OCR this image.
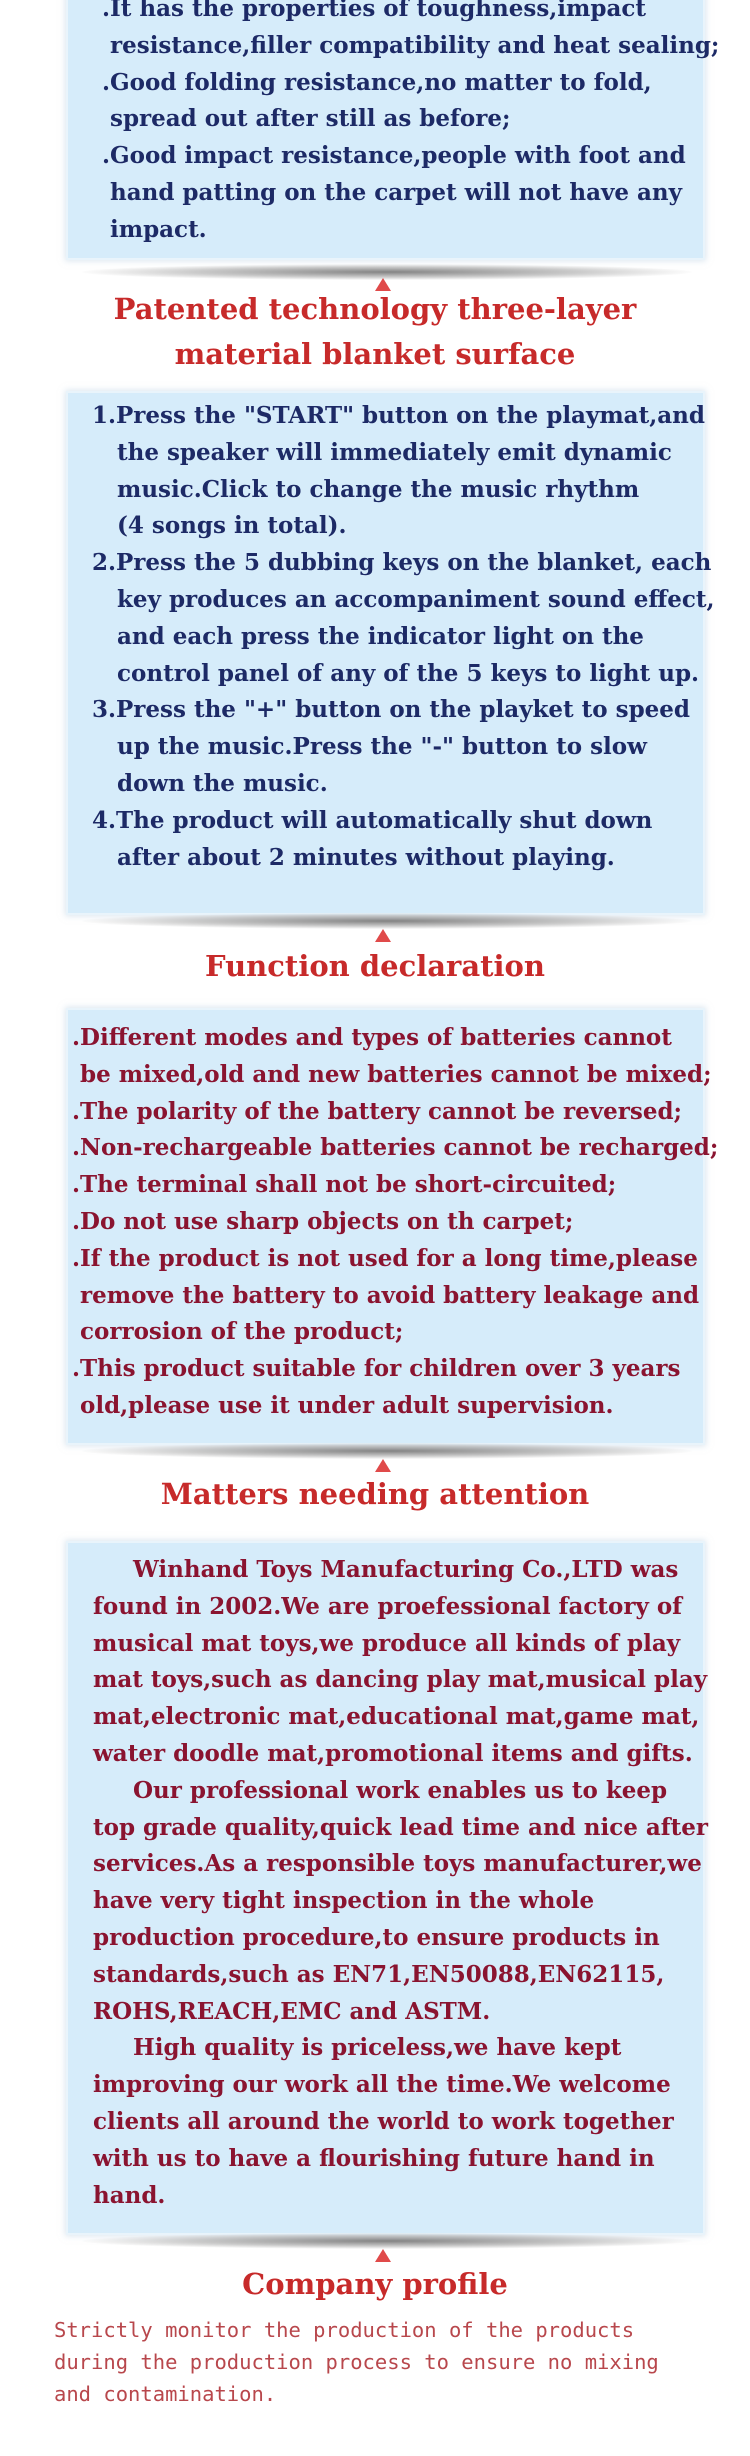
.It has the properties of toughness,impact
resistance,filler compatibility and heat sealing;
.Good folding resistance,no matter to fold,
spread out after still as before;
.Good impact resistance,people with foot and
hand patting on the carpet will not have any
impact.
Patented technology three-layer
material blanket surface
1.Press the "START" button on the playmat,and
the speaker will immediately emit dynamic
music.Click to change the music rhythm
(4 songs in total).
2.Press the 5 dubbing keys on the blanket, each
key produces an accompaniment sound effect,
and each press the indicator light on the
control panel of any of the 5 keys to light up.
3.Press the "+" button on the playket to speed
up the music.Press the "-" button to slow
down the music.
4.The product will automatically shut down
after about 2 minutes without playing.
Function declaration
.Different modes and types of batteries cannot
be mixed,old and new batteries cannot be mixed;
.The polarity of the battery cannot be reversed;
.Non-rechargeable batteries cannot be recharged;
.The terminal shall not be short-circuited;
.Do not use sharp objects on th carpet;
.If the product is not used for a long time,please
remove the battery to avoid battery leakage and
corrosion of the product;
.This product suitable for children over 3 years
old,please use it under adult supervision.
Matters needing attention
Winhand Toys Manufacturing Co.,LTD was
found in 2002.We are proefessional factory of
musical mat toys,we produce all kinds of play
mat toys,such as dancing play mat,musical play
mat,electronic mat,educational mat,game mat,
water doodle mat,promotional items and gifts.
Our professional work enables us to keep
top grade quality,quick lead time and nice after
services.As a responsible toys manufacturer,we
have very tight inspection in the whole
production procedure,to ensure products in
standards,such as EN71,EN50088,EN62115,
ROHS,REACH,EMC and ASTM.
High quality is priceless,we have kept
improving our work all the time.We welcome
clients all around the world to work together
with us to have a flourishing future hand in
hand.
Company profile
Strictly monitor the production of the products
during the production process to ensure no mixing
and contamination.
